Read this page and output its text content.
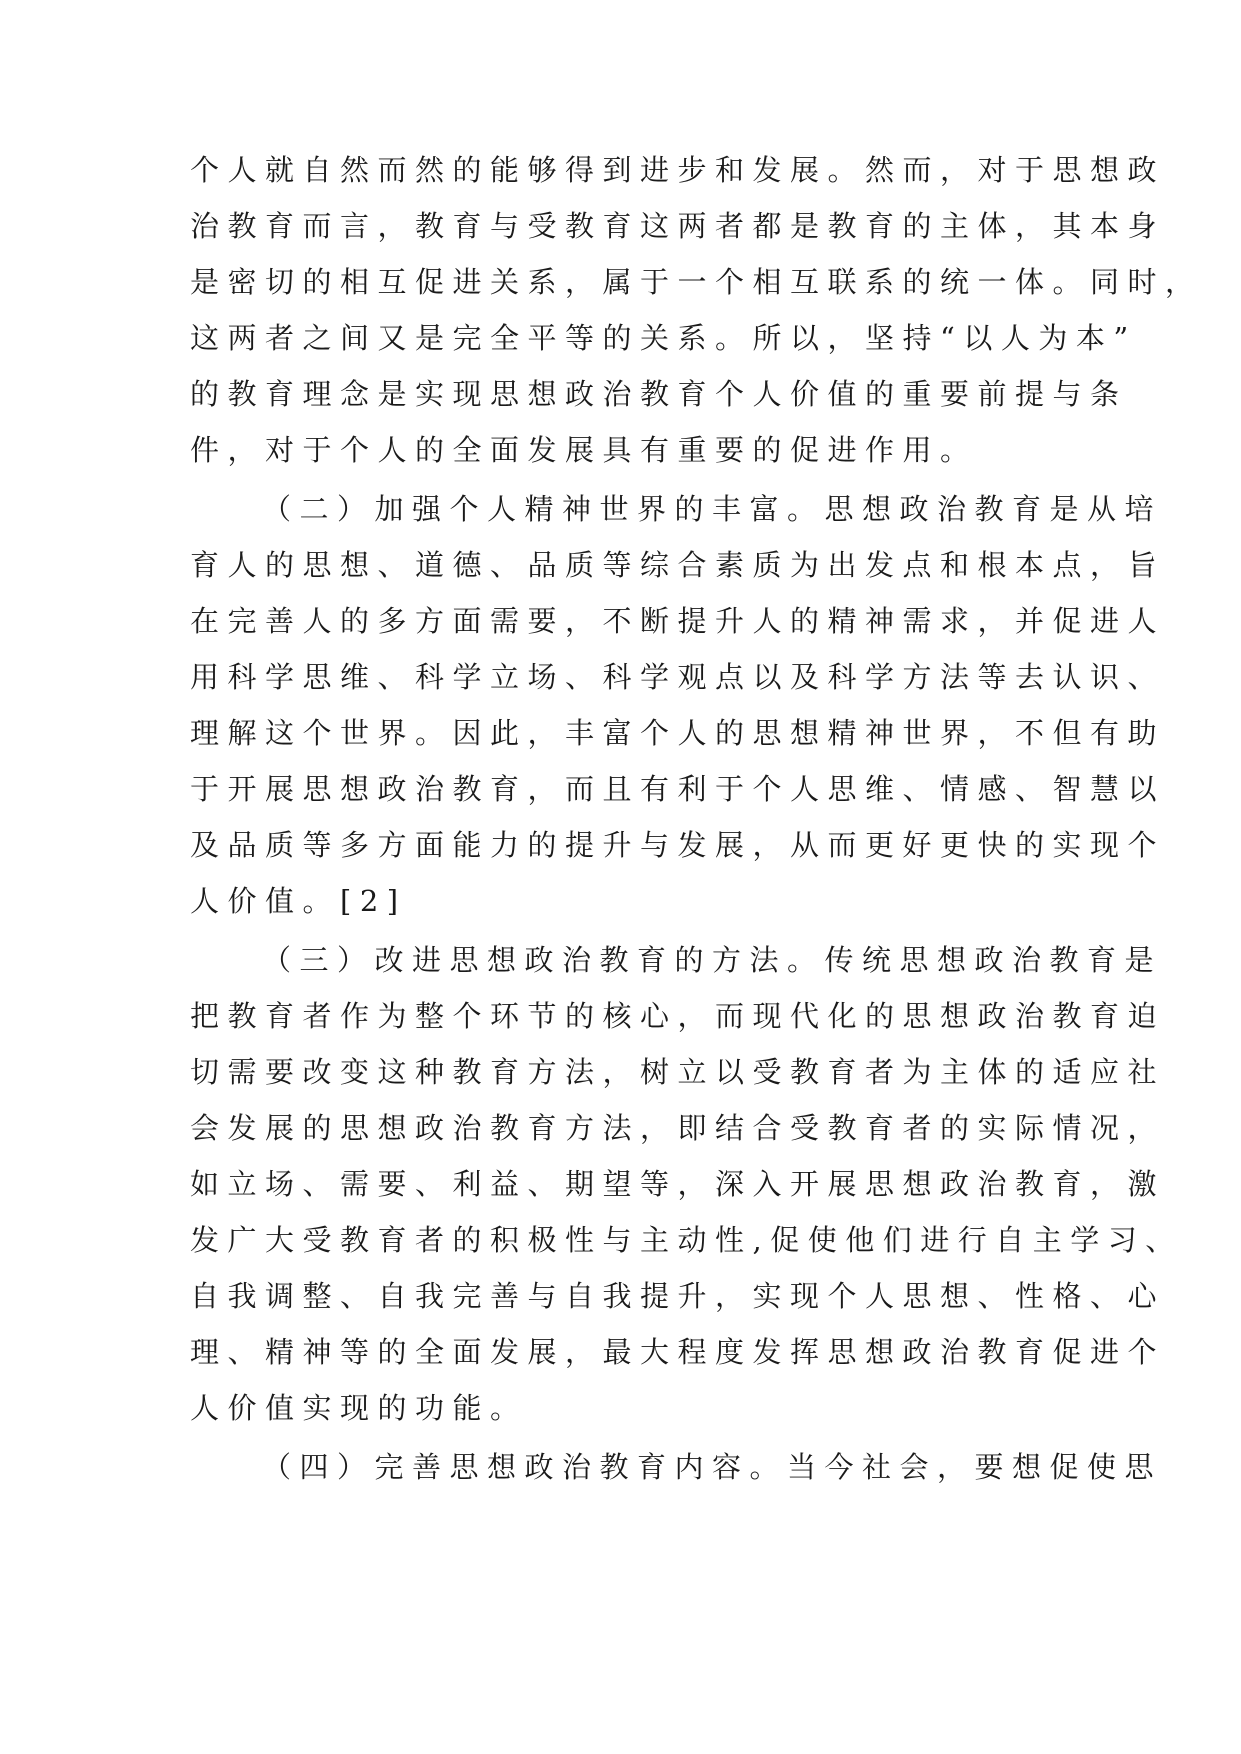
个人就自然而然的能够得到进步和发展。然而，对于思想政
治教育而言，教育与受教育这两者都是教育的主体，其本身
是密切的相互促进关系，属于一个相互联系的统一体。同时，
这两者之间又是完全平等的关系。所以，坚持“以人为本”
的教育理念是实现思想政治教育个人价值的重要前提与条
件，对于个人的全面发展具有重要的促进作用。
（二）加强个人精神世界的丰富。思想政治教育是从培
育人的思想、道德、品质等综合素质为出发点和根本点，旨
在完善人的多方面需要，不断提升人的精神需求，并促进人
用科学思维、科学立场、科学观点以及科学方法等去认识、
理解这个世界。因此，丰富个人的思想精神世界，不但有助
于开展思想政治教育，而且有利于个人思维、情感、智慧以
及品质等多方面能力的提升与发展，从而更好更快的实现个
人价值。[2]
（三）改进思想政治教育的方法。传统思想政治教育是
把教育者作为整个环节的核心，而现代化的思想政治教育迫
切需要改变这种教育方法，树立以受教育者为主体的适应社
会发展的思想政治教育方法，即结合受教育者的实际情况，
如立场、需要、利益、期望等，深入开展思想政治教育，激
发广大受教育者的积极性与主动性,促使他们进行自主学习、
自我调整、自我完善与自我提升，实现个人思想、性格、心
理、精神等的全面发展，最大程度发挥思想政治教育促进个
人价值实现的功能。
（四）完善思想政治教育内容。当今社会，要想促使思
